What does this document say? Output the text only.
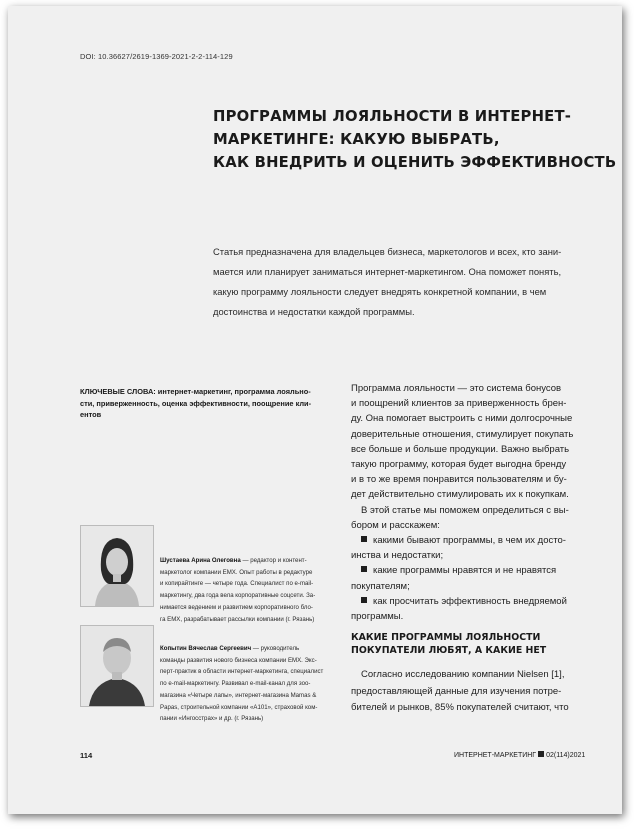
DOI: 10.36627/2619-1369-2021-2-2-114-129
ПРОГРАММЫ ЛОЯЛЬНОСТИ В ИНТЕРНЕТ-
МАРКЕТИНГЕ: КАКУЮ ВЫБРАТЬ,
КАК ВНЕДРИТЬ И ОЦЕНИТЬ ЭФФЕКТИВНОСТЬ
Статья предназначена для владельцев бизнеса, маркетологов и всех, кто зани-
мается или планирует заниматься интернет-маркетингом. Она поможет понять,
какую программу лояльности следует внедрять конкретной компании, в чем
достоинства и недостатки каждой программы.
КЛЮЧЕВЫЕ СЛОВА: интернет-маркетинг, программа лояльно-
сти, приверженность, оценка эффективности, поощрение кли-
ентов
Шустаева Арина Олеговна — редактор и контент-
маркетолог компании EMX. Опыт работы в редактуре
и копирайтинге — четыре года. Специалист по e-mail-
маркетингу, два года вела корпоративные соцсети. За-
нимается ведением и развитием корпоративного бло-
га EMX, разрабатывает рассылки компании (г. Рязань)
Копытин Вячеслав Сергеевич — руководитель
команды развития нового бизнеса компании EMX. Экс-
перт-практик в области интернет-маркетинга, специалист
по e-mail-маркетингу. Развивал e-mail-канал для зоо-
магазина «Четыре лапы», интернет-магазина Mamas &
Papas, строительной компании «А101», страховой ком-
пании «Ингосстрах» и др. (г. Рязань)
Программа лояльности — это система бонусов
и поощрений клиентов за приверженность брен-
ду. Она помогает выстроить с ними долгосрочные
доверительные отношения, стимулирует покупать
все больше и больше продукции. Важно выбрать
такую программу, которая будет выгодна бренду
и в то же время понравится пользователям и бу-
дет действительно стимулировать их к покупкам.
В этой статье мы поможем определиться с вы-
бором и расскажем:
какими бывают программы, в чем их досто-
инства и недостатки;
какие программы нравятся и не нравятся
покупателям;
как просчитать эффективность внедряемой
программы.
КАКИЕ ПРОГРАММЫ ЛОЯЛЬНОСТИ
ПОКУПАТЕЛИ ЛЮБЯТ, А КАКИЕ НЕТ
Согласно исследованию компании Nielsen [1],
предоставляющей данные для изучения потре-
бителей и рынков, 85% покупателей считают, что
114	ИНТЕРНЕТ-МАРКЕТИНГ 02(114)2021
